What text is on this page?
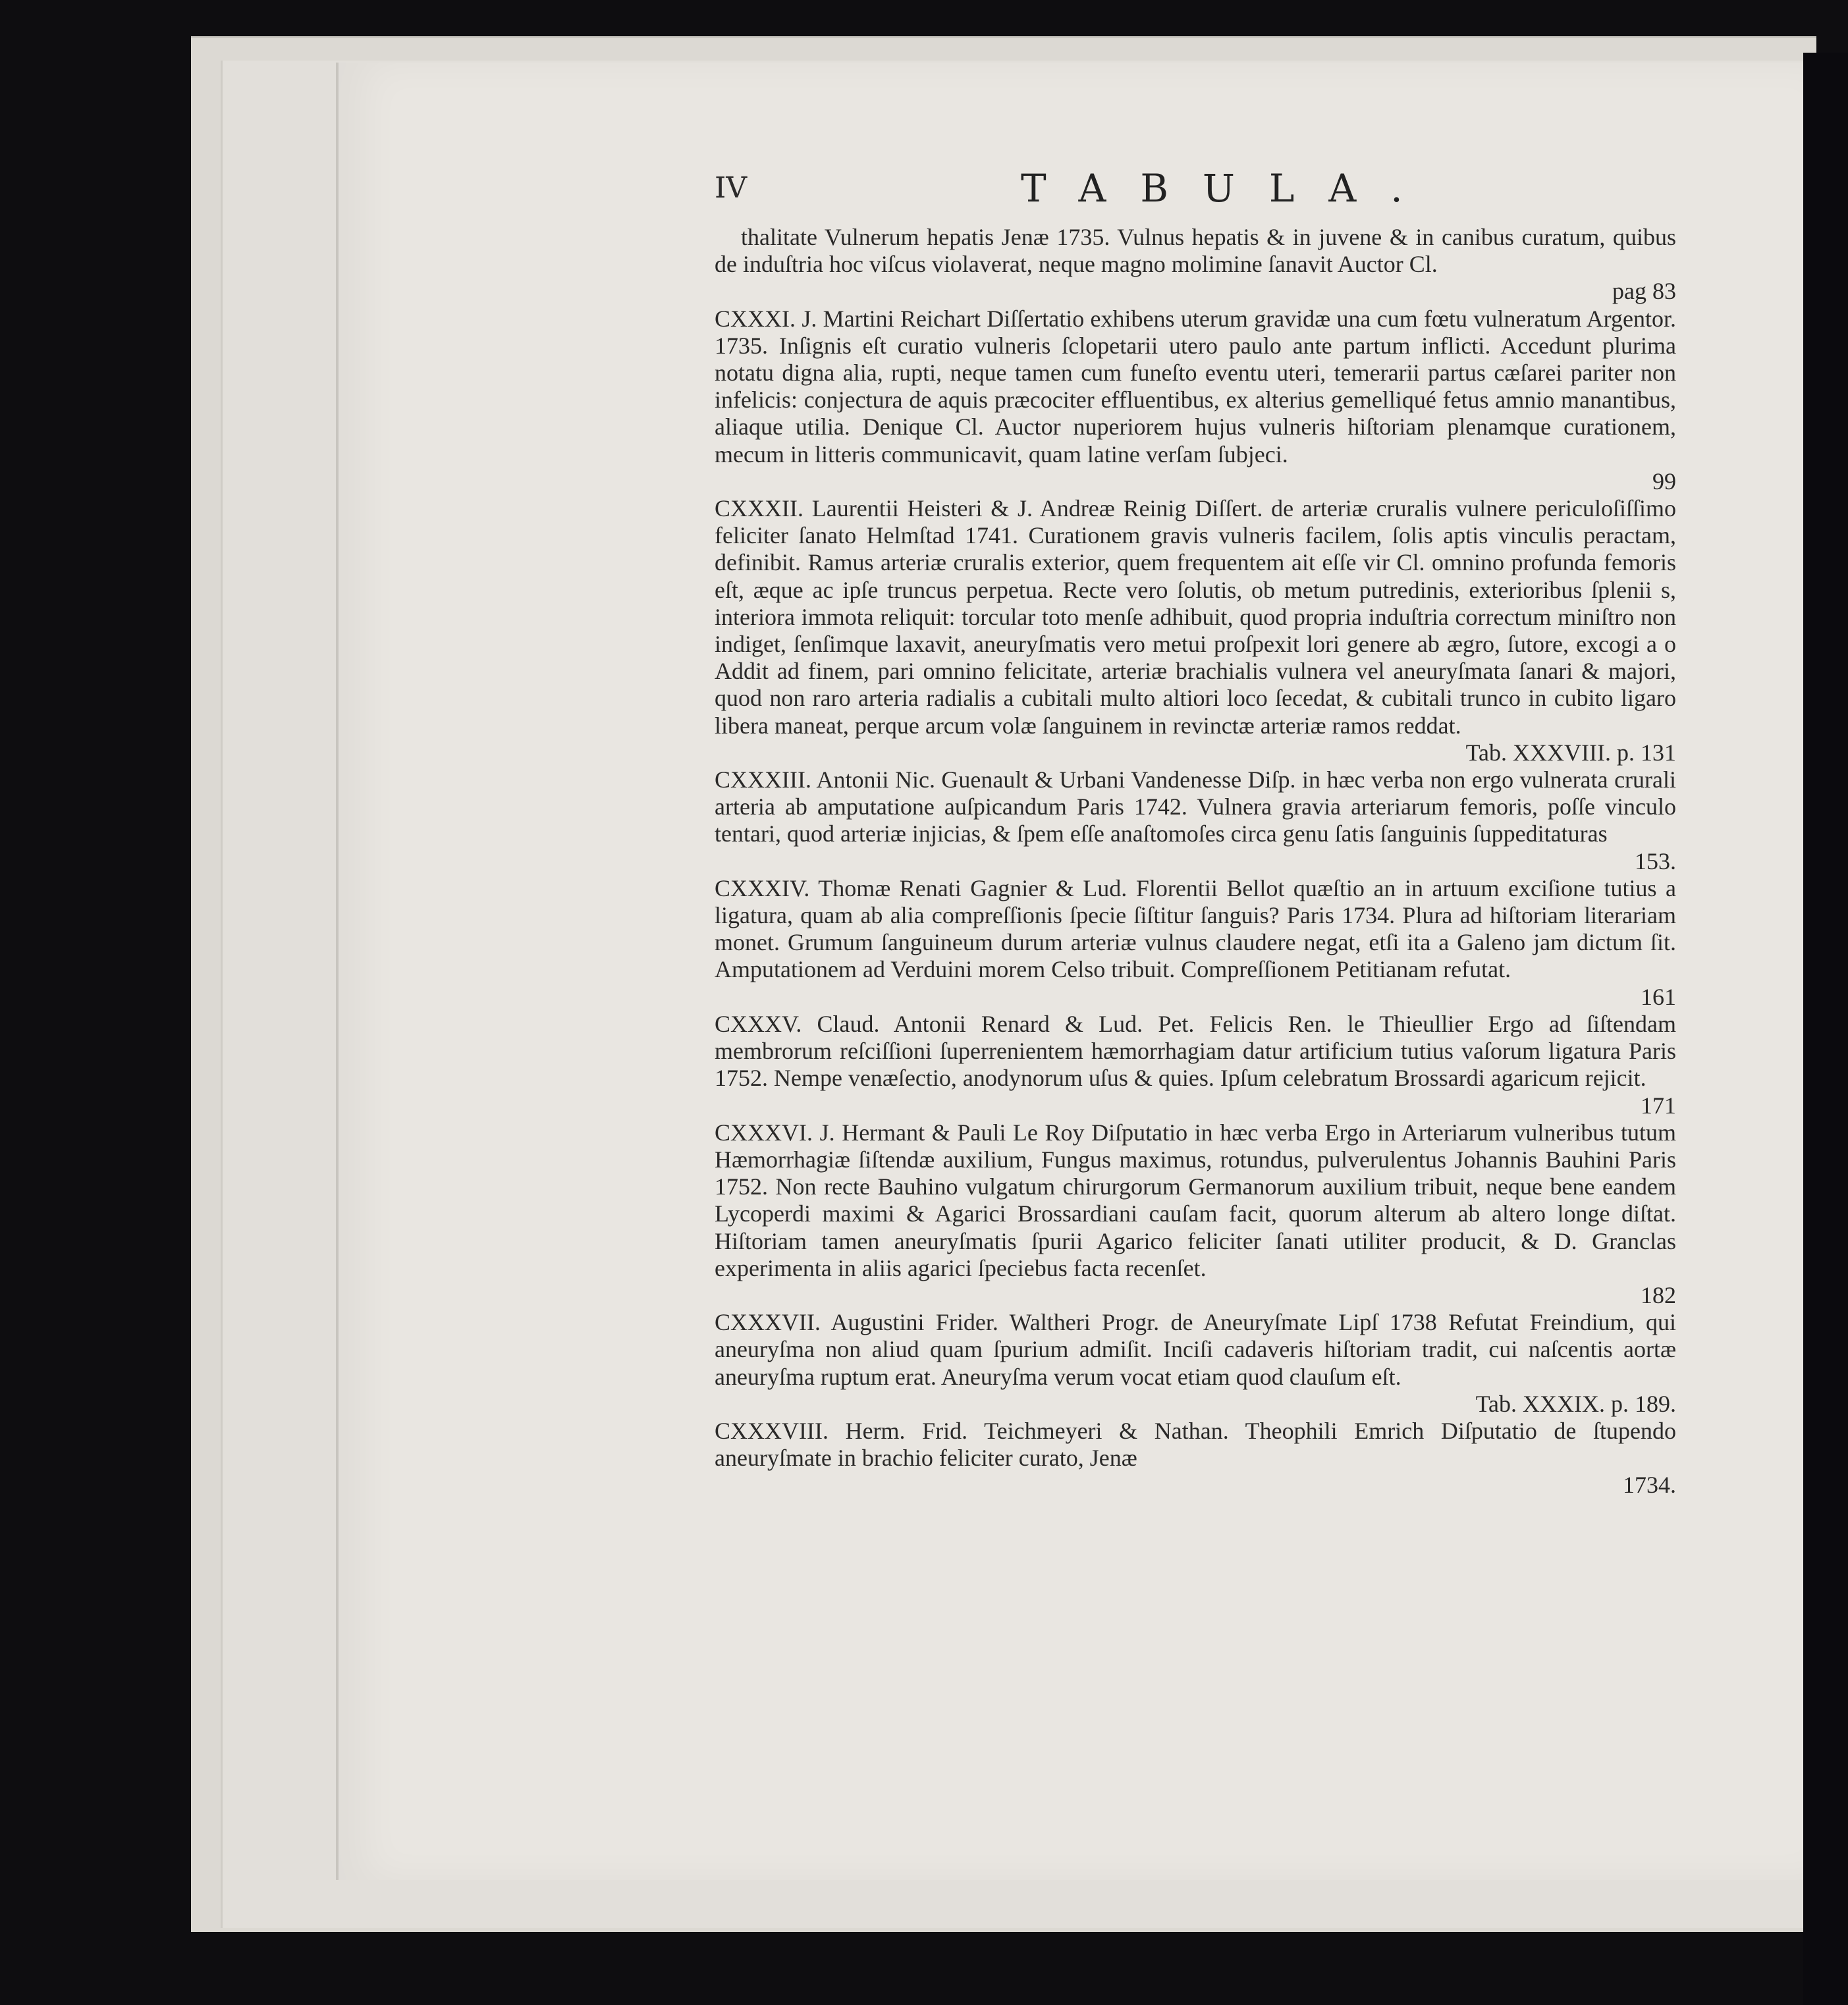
IV	TABULA.

thalitate Vulnerum hepatis Jenæ 1735. Vulnus hepatis & in juvene & in canibus curatum, quibus de induſtria hoc viſcus violaverat, neque magno molimine ſanavit Auctor Cl.
pag 83

CXXXI. J. Martini Reichart Diſſertatio exhibens uterum gravidæ una cum fœtu vulneratum Argentor. 1735. Inſignis eſt curatio vulneris ſclopetarii utero paulo ante partum inflicti. Accedunt plurima notatu digna alia, rupti, neque tamen cum funeſto eventu uteri, temerarii partus cæſarei pariter non infelicis: conjectura de aquis præcociter effluentibus, ex alterius gemelliqué fetus amnio manantibus, aliaque utilia. Denique Cl. Auctor nuperiorem hujus vulneris hiſtoriam plenamque curationem, mecum in litteris communicavit, quam latine verſam ſubjeci.
99

CXXXII. Laurentii Heisteri & J. Andreæ Reinig Diſſert. de arteriæ cruralis vulnere periculoſiſſimo feliciter ſanato Helmſtad 1741. Curationem gravis vulneris facilem, ſolis aptis vinculis peractam, definibit. Ramus arteriæ cruralis exterior, quem frequentem ait eſſe vir Cl. omnino profunda femoris eſt, æque ac ipſe truncus perpetua. Recte vero ſolutis, ob metum putredinis, exterioribus ſplenii s, interiora immota reliquit: torcular toto menſe adhibuit, quod propria induſtria correctum miniſtro non indiget, ſenſimque laxavit, aneuryſmatis vero metui proſpexit lori genere ab ægro, ſutore, excogi a o Addit ad finem, pari omnino felicitate, arteriæ brachialis vulnera vel aneuryſmata ſanari & majori, quod non raro arteria radialis a cubitali multo altiori loco ſecedat, & cubitali trunco in cubito ligaro libera maneat, perque arcum volæ ſanguinem in revinctæ arteriæ ramos reddat.
Tab. XXXVIII. p. 131

CXXXIII. Antonii Nic. Guenault & Urbani Vandenesse Diſp. in hæc verba non ergo vulnerata crurali arteria ab amputatione auſpicandum Paris 1742. Vulnera gravia arteriarum femoris, poſſe vinculo tentari, quod arteriæ injicias, & ſpem eſſe anaſtomoſes circa genu ſatis ſanguinis ſuppeditaturas
153.

CXXXIV. Thomæ Renati Gagnier & Lud. Florentii Bellot quæſtio an in artuum exciſione tutius a ligatura, quam ab alia compreſſionis ſpecie ſiſtitur ſanguis? Paris 1734. Plura ad hiſtoriam literariam monet. Grumum ſanguineum durum arteriæ vulnus claudere negat, etſi ita a Galeno jam dictum ſit. Amputationem ad Verduini morem Celso tribuit. Compreſſionem Petitianam refutat.
161

CXXXV. Claud. Antonii Renard & Lud. Pet. Felicis Ren. le Thieullier Ergo ad ſiſtendam membrorum reſciſſioni ſuperrenientem hæmorrhagiam datur artificium tutius vaſorum ligatura Paris 1752. Nempe venæſectio, anodynorum uſus & quies. Ipſum celebratum Brossardi agaricum rejicit.
171

CXXXVI. J. Hermant & Pauli Le Roy Diſputatio in hæc verba Ergo in Arteriarum vulneribus tutum Hæmorrhagiæ ſiſtendæ auxilium, Fungus maximus, rotundus, pulverulentus Johannis Bauhini Paris 1752. Non recte Bauhino vulgatum chirurgorum Germanorum auxilium tribuit, neque bene eandem Lycoperdi maximi & Agarici Brossardiani cauſam facit, quorum alterum ab altero longe diſtat. Hiſtoriam tamen aneuryſmatis ſpurii Agarico feliciter ſanati utiliter producit, & D. Granclas experimenta in aliis agarici ſpeciebus facta recenſet.
182

CXXXVII. Augustini Frider. Waltheri Progr. de Aneuryſmate Lipſ 1738 Refutat Freindium, qui aneuryſma non aliud quam ſpurium admiſit. Inciſi cadaveris hiſtoriam tradit, cui naſcentis aortæ aneuryſma ruptum erat. Aneuryſma verum vocat etiam quod clauſum eſt.
Tab. XXXIX. p. 189.

CXXXVIII. Herm. Frid. Teichmeyeri & Nathan. Theophili Emrich Diſputatio de ſtupendo aneuryſmate in brachio feliciter curato, Jenæ
1734.
